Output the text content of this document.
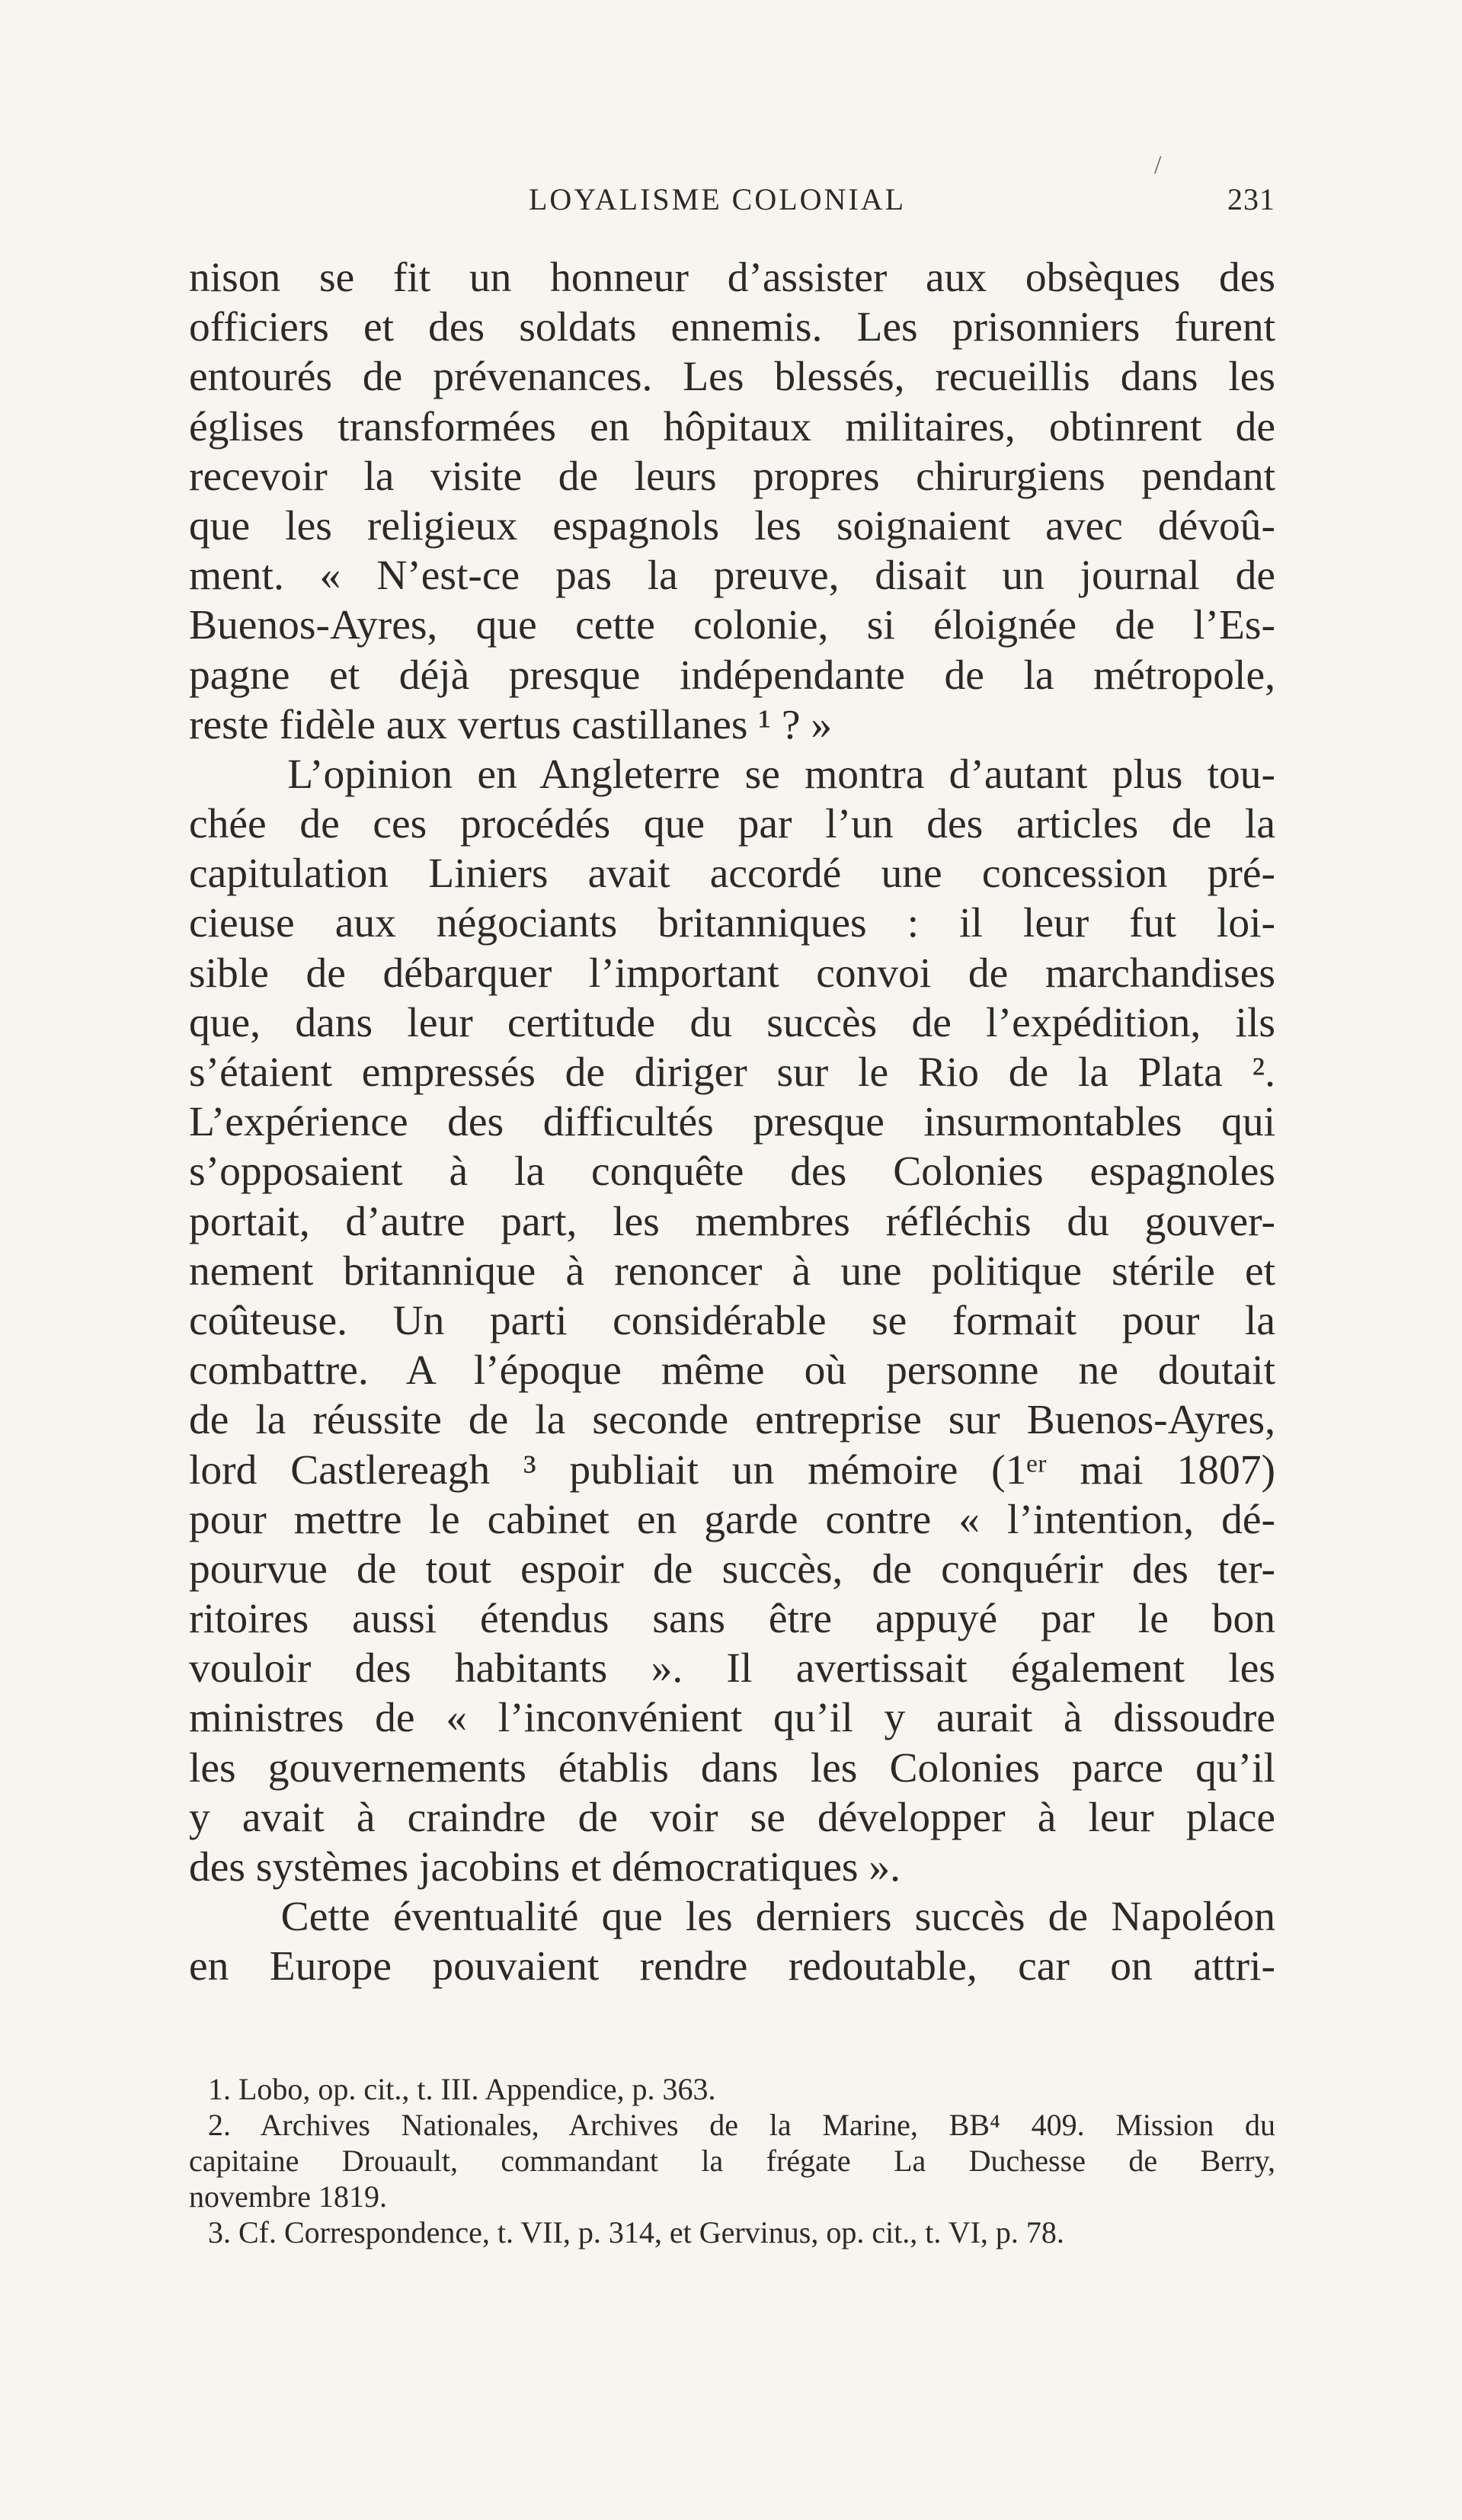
/
LOYALISME COLONIAL	231
nison se fit un honneur d’assister aux obsèques des
officiers et des soldats ennemis. Les prisonniers furent
entourés de prévenances. Les blessés, recueillis dans les
églises transformées en hôpitaux militaires, obtinrent de
recevoir la visite de leurs propres chirurgiens pendant
que les religieux espagnols les soignaient avec dévoû-
ment. « N’est-ce pas la preuve, disait un journal de
Buenos-Ayres, que cette colonie, si éloignée de l’Es-
pagne et déjà presque indépendante de la métropole,
reste fidèle aux vertus castillanes ¹ ? »
L’opinion en Angleterre se montra d’autant plus tou-
chée de ces procédés que par l’un des articles de la
capitulation Liniers avait accordé une concession pré-
cieuse aux négociants britanniques : il leur fut loi-
sible de débarquer l’important convoi de marchandises
que, dans leur certitude du succès de l’expédition, ils
s’étaient empressés de diriger sur le Rio de la Plata ².
L’expérience des difficultés presque insurmontables qui
s’opposaient à la conquête des Colonies espagnoles
portait, d’autre part, les membres réfléchis du gouver-
nement britannique à renoncer à une politique stérile et
coûteuse. Un parti considérable se formait pour la
combattre. A l’époque même où personne ne doutait
de la réussite de la seconde entreprise sur Buenos-Ayres,
lord Castlereagh ³ publiait un mémoire (1ᵉʳ mai 1807)
pour mettre le cabinet en garde contre « l’intention, dé-
pourvue de tout espoir de succès, de conquérir des ter-
ritoires aussi étendus sans être appuyé par le bon
vouloir des habitants ». Il avertissait également les
ministres de « l’inconvénient qu’il y aurait à dissoudre
les gouvernements établis dans les Colonies parce qu’il
y avait à craindre de voir se développer à leur place
des systèmes jacobins et démocratiques ».
Cette éventualité que les derniers succès de Napoléon
en Europe pouvaient rendre redoutable, car on attri-
1. Lobo, op. cit., t. III. Appendice, p. 363.
2. Archives Nationales, Archives de la Marine, BB⁴ 409. Mission du
capitaine Drouault, commandant la frégate La Duchesse de Berry,
novembre 1819.
3. Cf. Correspondence, t. VII, p. 314, et Gervinus, op. cit., t. VI, p. 78.
